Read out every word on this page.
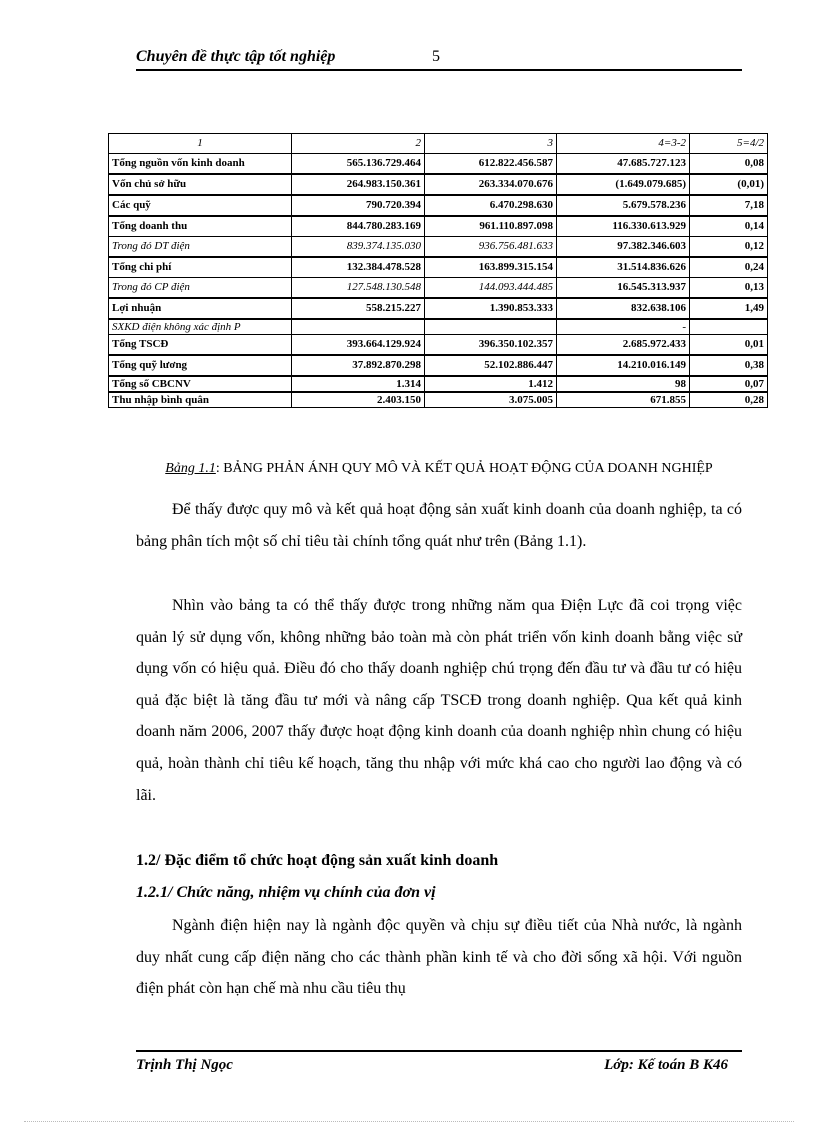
Chuyên đề thực tập tốt nghiệp	5
1	2	3	4=3-2	5=4/2
Tổng nguồn vốn kinh doanh	565.136.729.464	612.822.456.587	47.685.727.123	0,08
Vốn chủ sở hữu	264.983.150.361	263.334.070.676	(1.649.079.685)	(0,01)
Các quỹ	790.720.394	6.470.298.630	5.679.578.236	7,18
Tổng doanh thu	844.780.283.169	961.110.897.098	116.330.613.929	0,14
Trong đó DT điện	839.374.135.030	936.756.481.633	97.382.346.603	0,12
Tổng chi phí	132.384.478.528	163.899.315.154	31.514.836.626	0,24
Trong đó CP điện	127.548.130.548	144.093.444.485	16.545.313.937	0,13
Lợi nhuận	558.215.227	1.390.853.333	832.638.106	1,49
SXKD điện không xác định P			-	
Tổng TSCĐ	393.664.129.924	396.350.102.357	2.685.972.433	0,01
Tổng quỹ lương	37.892.870.298	52.102.886.447	14.210.016.149	0,38
Tổng số CBCNV	1.314	1.412	98	0,07
Thu nhập bình quân	2.403.150	3.075.005	671.855	0,28
Bảng 1.1: BẢNG PHẢN ÁNH QUY MÔ VÀ KẾT QUẢ HOẠT ĐỘNG CỦA DOANH NGHIỆP

Để thấy được quy mô và kết quả hoạt động sản xuất kinh doanh của doanh nghiệp, ta có bảng phân tích một số chỉ tiêu tài chính tổng quát như trên (Bảng 1.1).

Nhìn vào bảng ta có thể thấy được trong những năm qua Điện Lực đã coi trọng việc quản lý sử dụng vốn, không những bảo toàn mà còn phát triển vốn kinh doanh bằng việc sử dụng vốn có hiệu quả. Điều đó cho thấy doanh nghiệp chú trọng đến đầu tư và đầu tư có hiệu quả đặc biệt là tăng đầu tư mới và nâng cấp TSCĐ trong doanh nghiệp. Qua kết quả kinh doanh năm 2006, 2007 thấy được hoạt động kinh doanh của doanh nghiệp nhìn chung có hiệu quả, hoàn thành chỉ tiêu kế hoạch, tăng thu nhập với mức khá cao cho người lao động và có lãi.

1.2/ Đặc điểm tổ chức hoạt động sản xuất kinh doanh
1.2.1/ Chức năng, nhiệm vụ chính của đơn vị

Ngành điện hiện nay là ngành độc quyền và chịu sự điều tiết của Nhà nước, là ngành duy nhất cung cấp điện năng cho các thành phần kinh tế và cho đời sống xã hội. Với nguồn điện phát còn hạn chế mà nhu cầu tiêu thụ

Trịnh Thị Ngọc	Lớp: Kế toán B K46
